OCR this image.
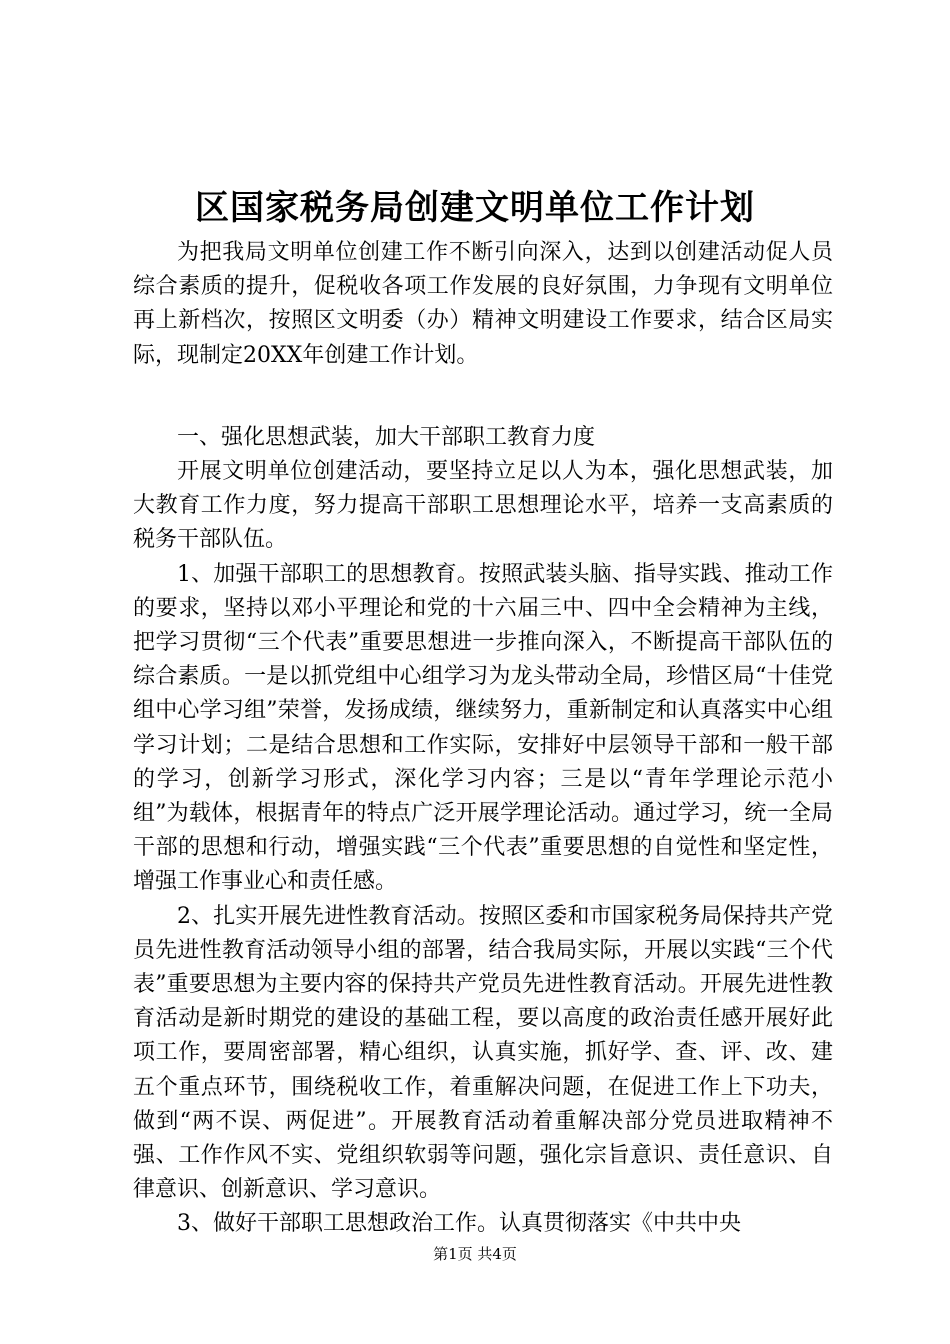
区国家税务局创建文明单位工作计划

为把我局文明单位创建工作不断引向深入，达到以创建活动促人员综合素质的提升，促税收各项工作发展的良好氛围，力争现有文明单位再上新档次，按照区文明委（办）精神文明建设工作要求，结合区局实际，现制定20XX年创建工作计划。

一、强化思想武装，加大干部职工教育力度

开展文明单位创建活动，要坚持立足以人为本，强化思想武装，加大教育工作力度，努力提高干部职工思想理论水平，培养一支高素质的税务干部队伍。

1、加强干部职工的思想教育。按照武装头脑、指导实践、推动工作的要求，坚持以邓小平理论和党的十六届三中、四中全会精神为主线，把学习贯彻“三个代表”重要思想进一步推向深入，不断提高干部队伍的综合素质。一是以抓党组中心组学习为龙头带动全局，珍惜区局“十佳党组中心学习组”荣誉，发扬成绩，继续努力，重新制定和认真落实中心组学习计划；二是结合思想和工作实际，安排好中层领导干部和一般干部的学习，创新学习形式，深化学习内容；三是以“青年学理论示范小组”为载体，根据青年的特点广泛开展学理论活动。通过学习，统一全局干部的思想和行动，增强实践“三个代表”重要思想的自觉性和坚定性，增强工作事业心和责任感。

2、扎实开展先进性教育活动。按照区委和市国家税务局保持共产党员先进性教育活动领导小组的部署，结合我局实际，开展以实践“三个代表”重要思想为主要内容的保持共产党员先进性教育活动。开展先进性教育活动是新时期党的建设的基础工程，要以高度的政治责任感开展好此项工作，要周密部署，精心组织，认真实施，抓好学、查、评、改、建五个重点环节，围绕税收工作，着重解决问题，在促进工作上下功夫，做到“两不误、两促进”。开展教育活动着重解决部分党员进取精神不强、工作作风不实、党组织软弱等问题，强化宗旨意识、责任意识、自律意识、创新意识、学习意识。

3、做好干部职工思想政治工作。认真贯彻落实《中共中央

第1页 共4页
